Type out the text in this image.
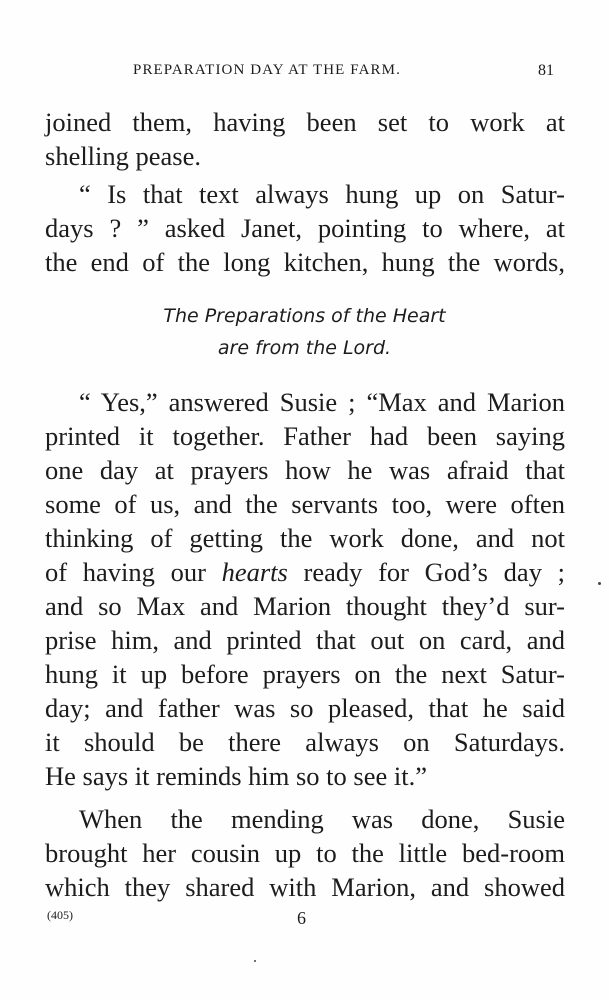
PREPARATION DAY AT THE FARM.	81
joined them, having been set to work at
shelling pease.
“ Is that text always hung up on Satur-
days ? ” asked Janet, pointing to where, at
the end of the long kitchen, hung the words,
The Preparations of the Heart
are from the Lord.
“ Yes,” answered Susie ; “Max and Marion
printed it together. Father had been saying
one day at prayers how he was afraid that
some of us, and the servants too, were often
thinking of getting the work done, and not
of having our hearts ready for God’s day ;
and so Max and Marion thought they’d sur-
prise him, and printed that out on card, and
hung it up before prayers on the next Satur-
day; and father was so pleased, that he said
it should be there always on Saturdays.
He says it reminds him so to see it.”
When the mending was done, Susie
brought her cousin up to the little bed-room
which they shared with Marion, and showed
(405)	6
